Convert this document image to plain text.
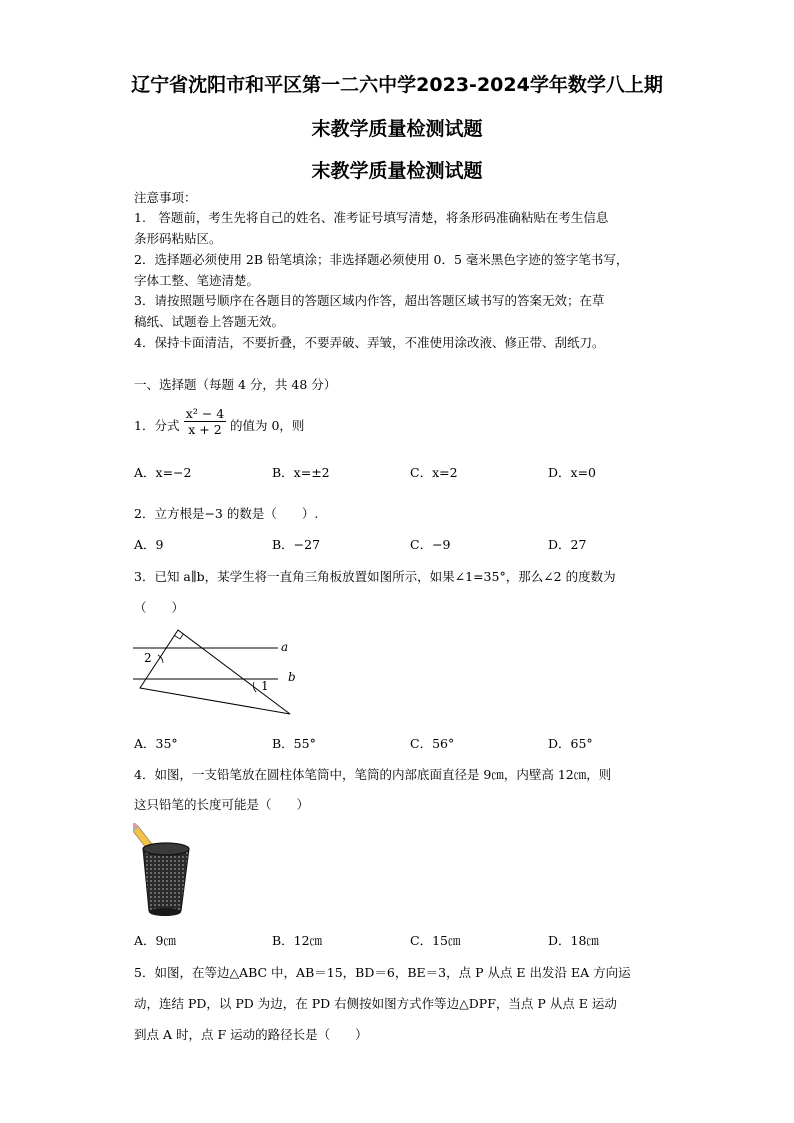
辽宁省沈阳市和平区第一二六中学2023-2024学年数学八上期
末教学质量检测试题
末教学质量检测试题
注意事项：
1.　答题前，考生先将自己的姓名、准考证号填写清楚，将条形码准确粘贴在考生信息
条形码粘贴区。
2．选择题必须使用 2B 铅笔填涂；非选择题必须使用 0．5 毫米黑色字迹的签字笔书写，
字体工整、笔迹清楚。
3．请按照题号顺序在各题目的答题区域内作答，超出答题区域书写的答案无效；在草
稿纸、试题卷上答题无效。
4．保持卡面清洁，不要折叠，不要弄破、弄皱，不准使用涂改液、修正带、刮纸刀。
一、选择题（每题 4 分，共 48 分）
1．分式 $\frac{\text{x² − 4}}{x + 2}$ 的值为 0，则
A．x=−2	B．x=±2	C．x=2	D．x=0
2．立方根是−3 的数是（　　）.
A．9	B．−27	C．−9	D．27
3．已知 a∥b，某学生将一直角三角板放置如图所示，如果∠1=35°，那么∠2 的度数为
（　　）
a
b
2
1
A．35°	B．55°	C．56°	D．65°
4．如图，一支铅笔放在圆柱体笔筒中，笔筒的内部底面直径是 9㎝，内壁高 12㎝，则
这只铅笔的长度可能是（　　）
A．9㎝	B．12㎝	C．15㎝	D．18㎝
5．如图，在等边△ABC 中，AB＝15，BD＝6，BE＝3，点 P 从点 E 出发沿 EA 方向运
动，连结 PD，以 PD 为边，在 PD 右侧按如图方式作等边△DPF，当点 P 从点 E 运动
到点 A 时，点 F 运动的路径长是（　　）
